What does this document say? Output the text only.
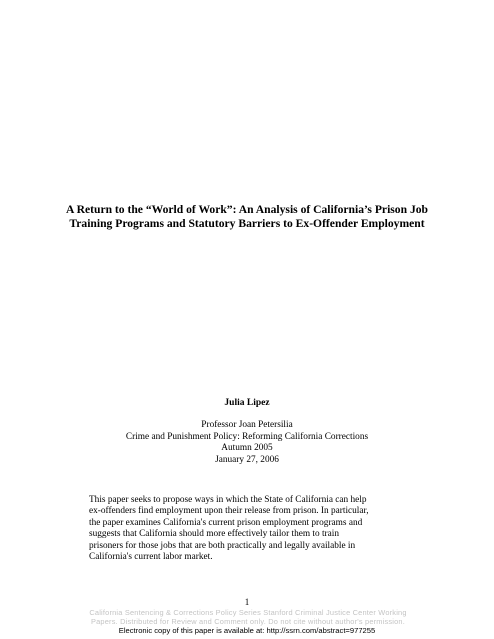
A Return to the “World of Work”: An Analysis of California’s Prison Job
Training Programs and Statutory Barriers to Ex-Offender Employment
Julia Lipez
Professor Joan Petersilia
Crime and Punishment Policy: Reforming California Corrections
Autumn 2005
January 27, 2006
This paper seeks to propose ways in which the State of California can help
ex-offenders find employment upon their release from prison. In particular,
the paper examines California's current prison employment programs and
suggests that California should more effectively tailor them to train
prisoners for those jobs that are both practically and legally available in
California's current labor market.
1
California Sentencing & Corrections Policy Series Stanford Criminal Justice Center Working
Papers. Distributed for Review and Comment only. Do not cite without author's permission.
Electronic copy of this paper is available at: http://ssrn.com/abstract=977255
